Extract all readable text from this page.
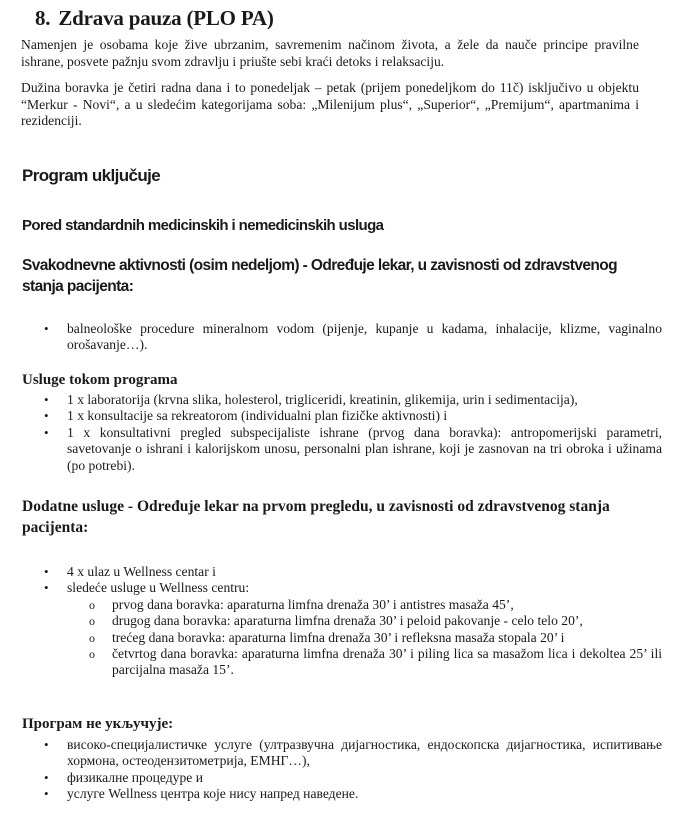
8. Zdrava pauza (PLO PA)

Namenjen je osobama koje žive ubrzanim, savremenim načinom života, a žele da nauče principe pravilne ishrane, posvete pažnju svom zdravlju i priušte sebi kraći detoks i relaksaciju.

Dužina boravka je četiri radna dana i to ponedeljak – petak (prijem ponedeljkom do 11č) isključivo u objektu “Merkur - Novi“, a u sledećim kategorijama soba: „Milenijum plus“, „Superior“, „Premijum“, apartmanima i rezidenciji.

Program uključuje
Pored standardnih medicinskih i nemedicinskih usluga
Svakodnevne aktivnosti (osim nedeljom) - Određuje lekar, u zavisnosti od zdravstvenog stanja pacijenta:
• balneološke procedure mineralnom vodom (pijenje, kupanje u kadama, inhalacije, klizme, vaginalno orošavanje…).
Usluge tokom programa
• 1 x laboratorija (krvna slika, holesterol, trigliceridi, kreatinin, glikemija, urin i sedimentacija),
• 1 x konsultacije sa rekreatorom (individualni plan fizičke aktivnosti) i
• 1 x konsultativni pregled subspecijaliste ishrane (prvog dana boravka): antropomerijski parametri, savetovanje o ishrani i kalorijskom unosu, personalni plan ishrane, koji je zasnovan na tri obroka i užinama (po potrebi).
Dodatne usluge - Određuje lekar na prvom pregledu, u zavisnosti od zdravstvenog stanja pacijenta:
• 4 x ulaz u Wellness centar i
• sledeće usluge u Wellness centru:
o prvog dana boravka: aparaturna limfna drenaža 30’ i antistres masaža 45’,
o drugog dana boravka: aparaturna limfna drenaža 30’ i peloid pakovanje - celo telo 20’,
o trećeg dana boravka: aparaturna limfna drenaža 30’ i refleksna masaža stopala 20’ i
o četvrtog dana boravka: aparaturna limfna drenaža 30’ i piling lica sa masažom lica i dekoltea 25’ ili parcijalna masaža 15’.
Програм не укључује:
• високо-специјалистичке услуге (ултразвучна дијагностика, ендоскопска дијагностика, испитивање хормона, остеодензитометрија, ЕМНГ…),
• физикалне процедуре и
• услуге Wellness центра које нису напред наведене.
